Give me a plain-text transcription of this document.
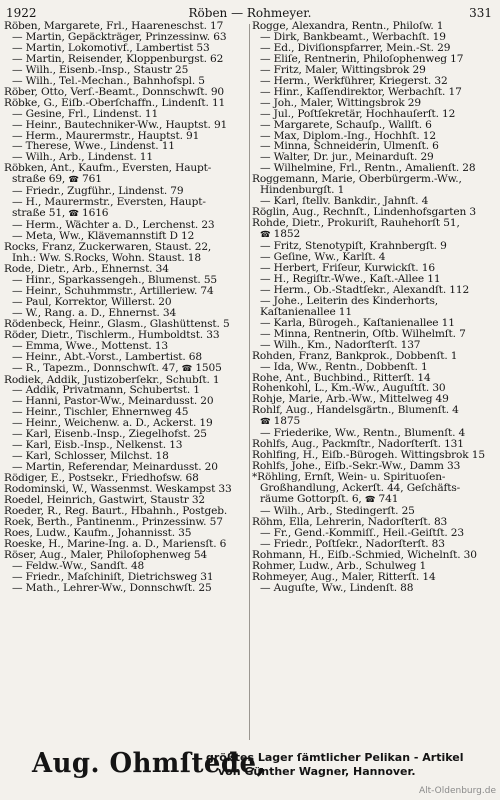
1922	Röben — Rohmeyer.	331
Röben, Margarete, Frl., Haarenesch̃st. 17
— Martin, Gepäckträger, Prinzessinw. 63
— Martin, Lokomotivf., Lambertist 53
— Martin, Reisender, Kloppenburgst. 62
— Wilh., Eisenb.-Insp., Staustr 25
— Wilh., Tel.-Mechan., Bahnhofspl. 5
Röber, Otto, Verſ.-Beamt., Donnschwſt. 90
Röbke, G., Eiſb.-Oberſchaffn., Lindenſt. 11
— Gesine, Frl., Lindenst. 11
— Heinr., Bautechniker-Ww., Hauptst. 91
— Herm., Maurermstr., Hauptst. 91
— Therese, Wwe., Lindenst. 11
— Wilh., Arb., Lindenst. 11
Röbken, Ant., Kaufm., Eversten, Haupt-
straße 69, ☎ 761
— Friedr., Zugführ., Lindenst. 79
— H., Maurermstr., Eversten, Haupt-
straße 51, ☎ 1616
— Herm., Wächter a. D., Lerchenst. 23
— Meta, Ww., Klävemannstift D 12
Rocks, Franz, Zuckerwaren, Staust. 22,
Inh.: Ww. S.Rocks, Wohn. Staust. 18
Rode, Dietr., Arb., Ehnernst. 34
— Hinr., Sparkassengeh., Blumenst. 55
— Heinr., Schuhmmstr., Artilleriew. 74
— Paul, Korrektor, Willerst. 20
— W., Rang. a. D., Ehnernst. 34
Rödenbeck, Heinr., Glasm., Glashüttenst. 5
Röder, Dietr., Tischlerm., Humboldtst. 33
— Emma, Wwe., Mottenst. 13
— Heinr., Abt.-Vorst., Lambertist. 68
— R., Tapezm., Donnschwſt. 47, ☎ 1505
Rodiek, Addik, Justizoberſekr., Schubſt. 1
— Addik, Privatmann, Schubertst. 1
— Hanni, Pastor-Ww., Meinardusst. 20
— Heinr., Tischler, Ehnernweg 45
— Heinr., Weichenw. a. D., Ackerst. 19
— Karl, Eisenb.-Insp., Ziegelhofst. 25
— Karl, Eisb.-Insp., Nelkenst. 13
— Karl, Schlosser, Milchst. 18
— Martin, Referendar, Meinardusst. 20
Rödiger, E., Postsekr., Friedhofsw. 68
Rodominski, W., Wassenmst. Weskampst 33
Roedel, Heinrich, Gastwirt, Staustr 32
Roeder, R., Reg. Baurt., Hbahnh., Postgeb.
Roek, Berth., Pantinenm., Prinzessinw. 57
Roes, Ludw., Kaufm., Johannisst. 35
Roeske, H., Marine-Ing. a. D., Mariensſt. 6
Röser, Aug., Maler, Philoſophenweg 54
— Feldw.-Ww., Sandſt. 48
— Friedr., Maſchiniſt, Dietrichsweg 31
— Math., Lehrer-Ww., Donnschwſt. 25
Rogge, Alexandra, Rentn., Philoſw. 1
— Dirk, Bankbeamt., Werbachſt. 19
— Ed., Diviſionspfarrer, Mein.-St. 29
— Eliſe, Rentnerin, Philoſophenweg 17
— Fritz, Maler, Wittingsbrok 29
— Herm., Werkführer, Kriegerst. 32
— Hinr., Kaſſendirektor, Werbachſt. 17
— Joh., Maler, Wittingsbrok 29
— Jul., Poſtſekretär, Hochhauſerſt. 12
— Margarete, Schauſp., Wallſt. 6
— Max, Diplom.-Ing., Hochhſt. 12
— Minna, Schneiderin, Ulmenſt. 6
— Walter, Dr. jur., Meinarduſt. 29
— Wilhelmine, Frl., Rentn., Amalienſt. 28
Roggemann, Marie, Oberbürgerm.-Ww.,
Hindenburgſt. 1
— Karl, ſtellv. Bankdir., Jahnſt. 4
Röglin, Aug., Rechnſt., Lindenhofsgarten 3
Rohde, Dietr., Prokuriſt, Rauhehorſt 51,
☎ 1852
— Fritz, Stenotypiſt, Krahnbergſt. 9
— Geſine, Ww., Karlſt. 4
— Herbert, Friſeur, Kurwickſt. 16
— H., Regiſtr.-Wwe., Kaſt.-Allee 11
— Herm., Ob.-Stadtſekr., Alexandſt. 112
— Johe., Leiterin des Kinderhorts,
Kaſtanienallee 11
— Karla, Bürogeh., Kaſtanienallee 11
— Minna, Rentnerin, Oſtb. Wilhelmſt. 7
— Wilh., Km., Nadorſterſt. 137
Rohden, Franz, Bankprok., Dobbenſt. 1
— Ida, Ww., Rentn., Dobbenſt. 1
Rohe, Ant., Buchbind., Ritterſt. 14
Rohenkohl, L., Km.-Ww., Auguſtſt. 30
Rohje, Marie, Arb.-Ww., Mittelweg 49
Rohlf, Aug., Handelsgärtn., Blumenſt. 4
☎ 1875
— Friederike, Ww., Rentn., Blumenſt. 4
Rohlfs, Aug., Packmſtr., Nadorſterſt. 131
Rohlfing, H., Eiſb.-Bürogeh. Wittingsbrok 15
Rohlfs, Johe., Eiſb.-Sekr.-Ww., Damm 33
*Röhling, Ernſt, Wein- u. Spirituoſen-
Großhandlung, Ackerſt. 44, Geſchäfts-
räume Gottorpſt. 6, ☎ 741
— Wilh., Arb., Stedingerſt. 25
Röhm, Ella, Lehrerin, Nadorſterſt. 83
— Fr., Gend.-Kommiſſ., Heil.-Geiſtſt. 23
— Friedr., Poſtſekr., Nadorſterſt. 83
Rohmann, H., Eiſb.-Schmied, Wichelnſt. 30
Rohmer, Ludw., Arb., Schulweg 1
Rohmeyer, Aug., Maler, Ritterſt. 14
— Auguſte, Ww., Lindenſt. 88
Aug. Ohmſtede,
größtes Lager ſämtlicher Pelikan - Artikel
von Günther Wagner, Hannover.
Alt-Oldenburg.de
